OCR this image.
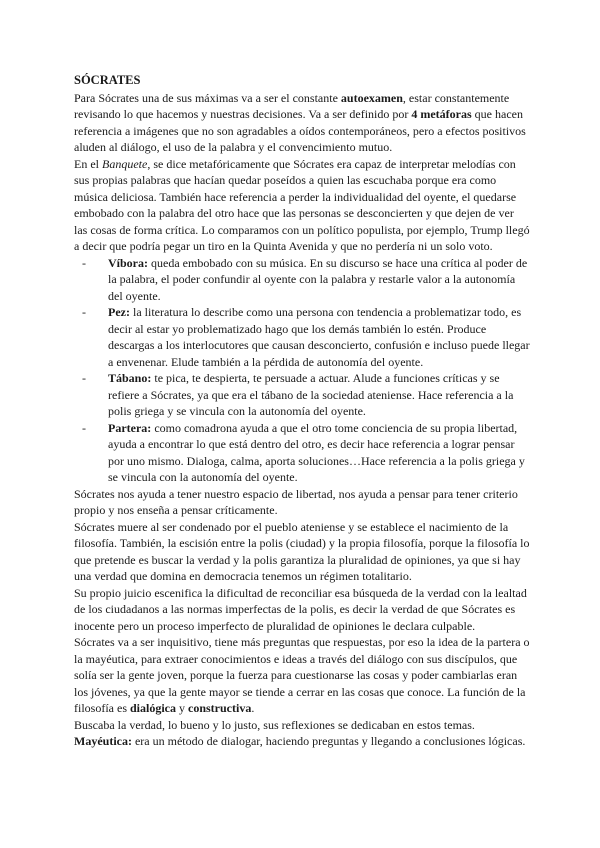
SÓCRATES

Para Sócrates una de sus máximas va a ser el constante autoexamen, estar constantemente revisando lo que hacemos y nuestras decisiones. Va a ser definido por 4 metáforas que hacen referencia a imágenes que no son agradables a oídos contemporáneos, pero a efectos positivos aluden al diálogo, el uso de la palabra y el convencimiento mutuo.

En el Banquete, se dice metafóricamente que Sócrates era capaz de interpretar melodías con sus propias palabras que hacían quedar poseídos a quien las escuchaba porque era como música deliciosa. También hace referencia a perder la individualidad del oyente, el quedarse embobado con la palabra del otro hace que las personas se desconcierten y que dejen de ver las cosas de forma crítica. Lo comparamos con un político populista, por ejemplo, Trump llegó a decir que podría pegar un tiro en la Quinta Avenida y que no perdería ni un solo voto.

- Víbora: queda embobado con su música. En su discurso se hace una crítica al poder de la palabra, el poder confundir al oyente con la palabra y restarle valor a la autonomía del oyente.
- Pez: la literatura lo describe como una persona con tendencia a problematizar todo, es decir al estar yo problematizado hago que los demás también lo estén. Produce descargas a los interlocutores que causan desconcierto, confusión e incluso puede llegar a envenenar. Elude también a la pérdida de autonomía del oyente.
- Tábano: te pica, te despierta, te persuade a actuar. Alude a funciones críticas y se refiere a Sócrates, ya que era el tábano de la sociedad ateniense. Hace referencia a la polis griega y se vincula con la autonomía del oyente.
- Partera: como comadrona ayuda a que el otro tome conciencia de su propia libertad, ayuda a encontrar lo que está dentro del otro, es decir hace referencia a lograr pensar por uno mismo. Dialoga, calma, aporta soluciones…Hace referencia a la polis griega y se vincula con la autonomía del oyente.

Sócrates nos ayuda a tener nuestro espacio de libertad, nos ayuda a pensar para tener criterio propio y nos enseña a pensar críticamente.

Sócrates muere al ser condenado por el pueblo ateniense y se establece el nacimiento de la filosofía. También, la escisión entre la polis (ciudad) y la propia filosofía, porque la filosofía lo que pretende es buscar la verdad y la polis garantiza la pluralidad de opiniones, ya que si hay una verdad que domina en democracia tenemos un régimen totalitario.

Su propio juicio escenifica la dificultad de reconciliar esa búsqueda de la verdad con la lealtad de los ciudadanos a las normas imperfectas de la polis, es decir la verdad de que Sócrates es inocente pero un proceso imperfecto de pluralidad de opiniones le declara culpable.

Sócrates va a ser inquisitivo, tiene más preguntas que respuestas, por eso la idea de la partera o la mayéutica, para extraer conocimientos e ideas a través del diálogo con sus discípulos, que solía ser la gente joven, porque la fuerza para cuestionarse las cosas y poder cambiarlas eran los jóvenes, ya que la gente mayor se tiende a cerrar en las cosas que conoce. La función de la filosofía es dialógica y constructiva.

Buscaba la verdad, lo bueno y lo justo, sus reflexiones se dedicaban en estos temas.

Mayéutica: era un método de dialogar, haciendo preguntas y llegando a conclusiones lógicas.
